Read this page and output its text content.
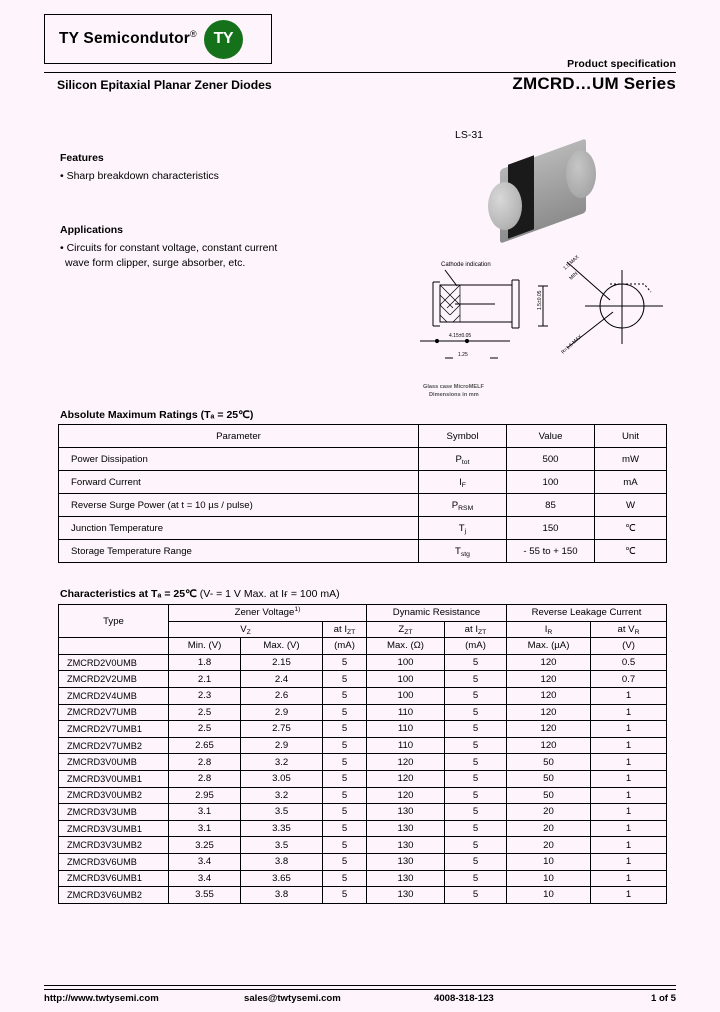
TY Semicondutor®	TY
Product specification
Silicon Epitaxial Planar Zener Diodes	ZMCRD…UM Series
Features
• Sharp breakdown characteristics
Applications
• Circuits for constant voltage, constant current
wave form clipper, surge absorber, etc.
LS-31
Cathode indication
4.15±0.05
1.25
1.5±0.05
1.5 MAX
MIN
R=1.5 MAX
Glass case MicroMELF
Dimensions in mm
Absolute Maximum Ratings (Tₐ = 25℃)
Parameter	Symbol	Value	Unit
Power Dissipation	$P_{tot}$	500	mW
Forward Current	$I_F$	100	mA
Reverse Surge Power (at t = 10 µs / pulse)	$P_{RSM}$	85	W
Junction Temperature	$T_j$	150	℃
Storage Temperature Range	$T_{stg}$	- 55 to + 150	℃
Characteristics at Tₐ = 25℃ (V- = 1 V Max. at Iғ = 100 mA)
Type	Zener Voltage$^{1)}$			Dynamic Resistance		Reverse Leakage Current	
	$V_Z$		at $I_{ZT}$	$Z_{ZT}$	at $I_{ZT}$	$I_R$	at $V_R$
	Min. (V)	Max. (V)	(mA)	Max. (Ω)	(mA)	Max. (µA)	(V)
ZMCRD2V0UMB	1.8	2.15	5	100	5	120	0.5
ZMCRD2V2UMB	2.1	2.4	5	100	5	120	0.7
ZMCRD2V4UMB	2.3	2.6	5	100	5	120	1
ZMCRD2V7UMB	2.5	2.9	5	110	5	120	1
ZMCRD2V7UMB1	2.5	2.75	5	110	5	120	1
ZMCRD2V7UMB2	2.65	2.9	5	110	5	120	1
ZMCRD3V0UMB	2.8	3.2	5	120	5	50	1
ZMCRD3V0UMB1	2.8	3.05	5	120	5	50	1
ZMCRD3V0UMB2	2.95	3.2	5	120	5	50	1
ZMCRD3V3UMB	3.1	3.5	5	130	5	20	1
ZMCRD3V3UMB1	3.1	3.35	5	130	5	20	1
ZMCRD3V3UMB2	3.25	3.5	5	130	5	20	1
ZMCRD3V6UMB	3.4	3.8	5	130	5	10	1
ZMCRD3V6UMB1	3.4	3.65	5	130	5	10	1
ZMCRD3V6UMB2	3.55	3.8	5	130	5	10	1
http://www.twtysemi.com	sales@twtysemi.com	4008-318-123	1 of 5
